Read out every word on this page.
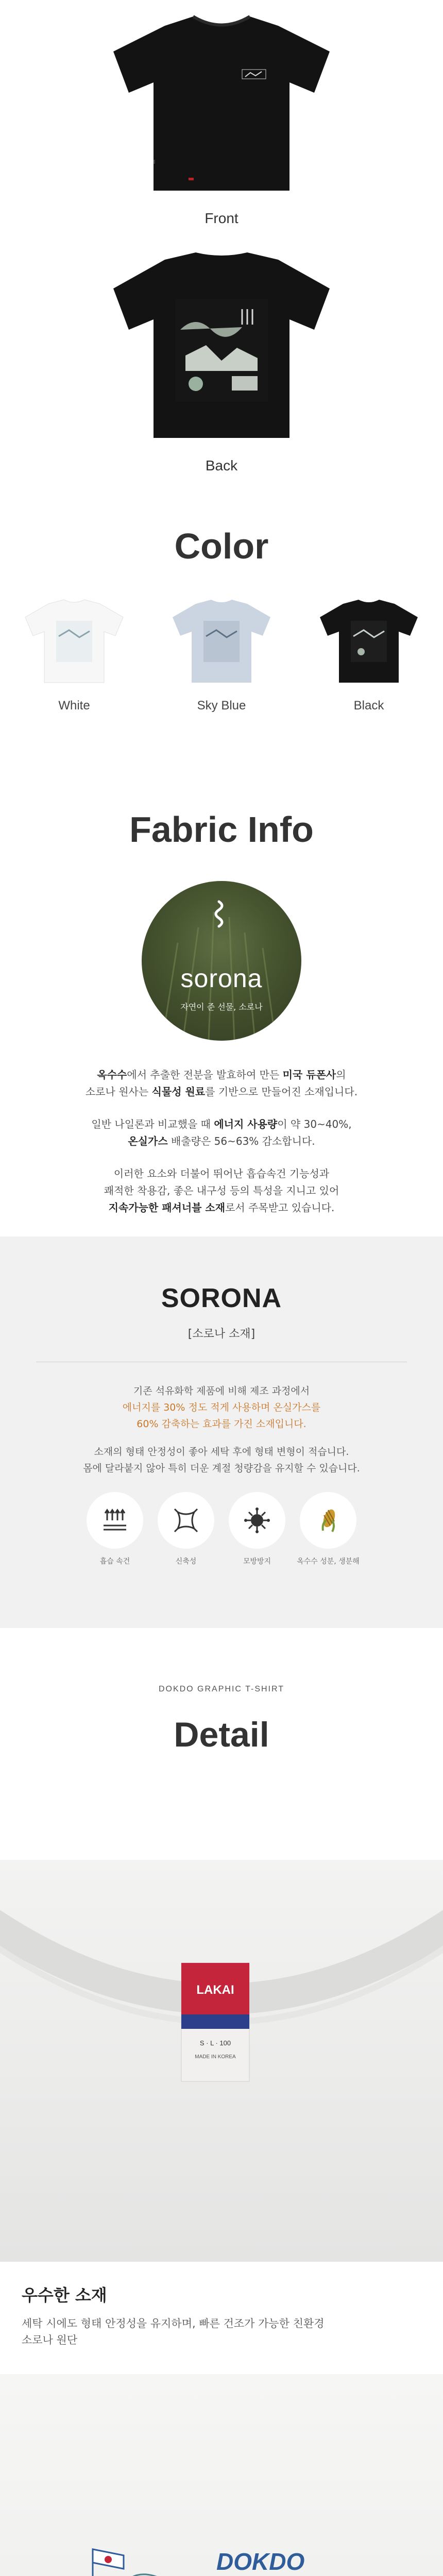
Front
Back
Color
White	Sky Blue	Black
Fabric Info
sorona
자연이 준 선물, 소로나

옥수수에서 추출한 전분을 발효하여 만든 미국 듀폰사의
소로나 원사는 식물성 원료를 기반으로 만들어진 소재입니다.

일반 나일론과 비교했을 때 에너지 사용량이 약 30~40%,
온실가스 배출량은 56~63% 감소합니다.

이러한 요소와 더불어 뛰어난 흡습속건 기능성과
쾌적한 착용감, 좋은 내구성 등의 특성을 지니고 있어
지속가능한 패셔너블 소재로서 주목받고 있습니다.

SORONA
[소로나 소재]

기존 석유화학 제품에 비해 제조 과정에서
에너지를 30% 정도 적게 사용하며 온실가스를
60% 감축하는 효과를 가진 소재입니다.

소재의 형태 안정성이 좋아 세탁 후에 형태 변형이 적습니다.
몸에 달라붙지 않아 특히 더운 계절 청량감을 유지할 수 있습니다.

흡습 속건	신축성	모방방지	옥수수 성분, 생분해
DOKDO GRAPHIC T-SHIRT
Detail
LAKAI
S · L · 100
MADE IN KOREA
우수한 소재

세탁 시에도 형태 안정성을 유지하며, 빠른 건조가 가능한 친환경
소로나 원단

DOKDO
